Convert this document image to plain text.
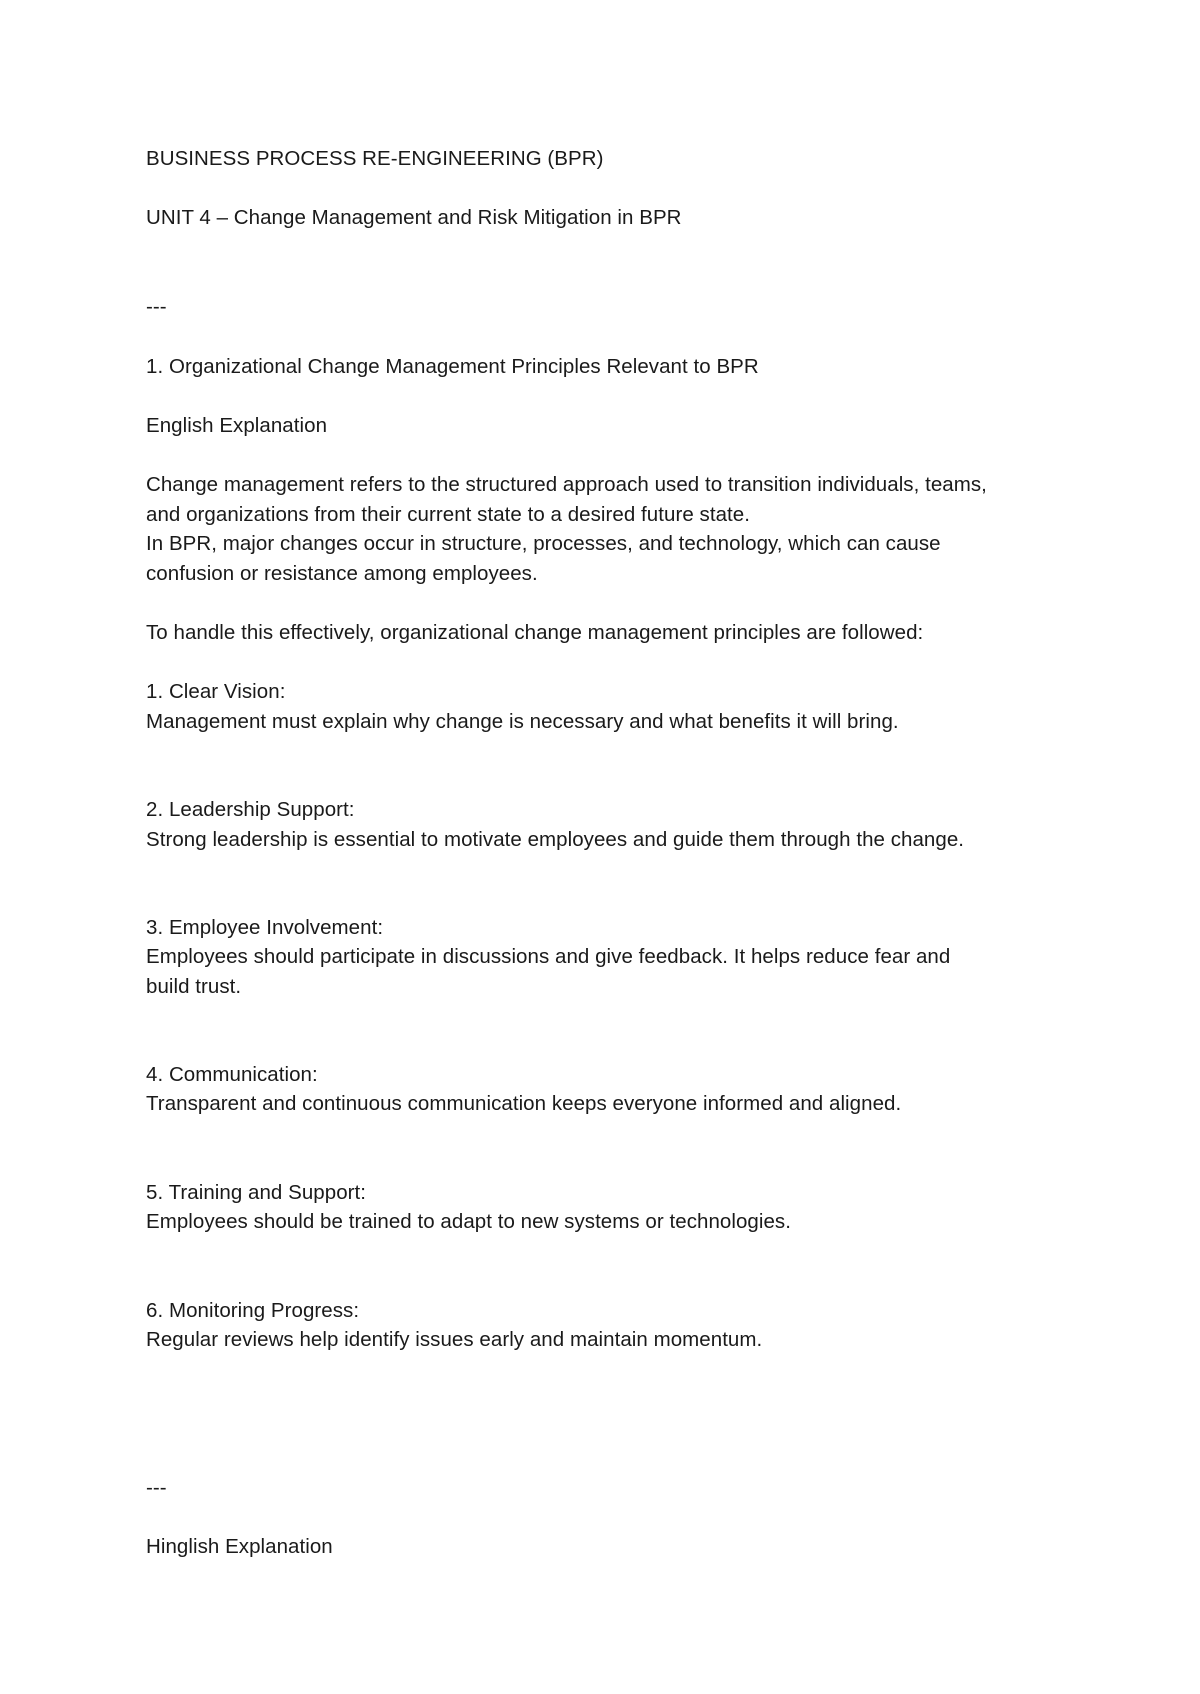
BUSINESS PROCESS RE-ENGINEERING (BPR)

UNIT 4 – Change Management and Risk Mitigation in BPR

---

1. Organizational Change Management Principles Relevant to BPR

English Explanation

Change management refers to the structured approach used to transition individuals, teams,

and organizations from their current state to a desired future state.

In BPR, major changes occur in structure, processes, and technology, which can cause

confusion or resistance among employees.

To handle this effectively, organizational change management principles are followed:

1. Clear Vision:

Management must explain why change is necessary and what benefits it will bring.

2. Leadership Support:

Strong leadership is essential to motivate employees and guide them through the change.

3. Employee Involvement:

Employees should participate in discussions and give feedback. It helps reduce fear and

build trust.

4. Communication:

Transparent and continuous communication keeps everyone informed and aligned.

5. Training and Support:

Employees should be trained to adapt to new systems or technologies.

6. Monitoring Progress:

Regular reviews help identify issues early and maintain momentum.

---

Hinglish Explanation
